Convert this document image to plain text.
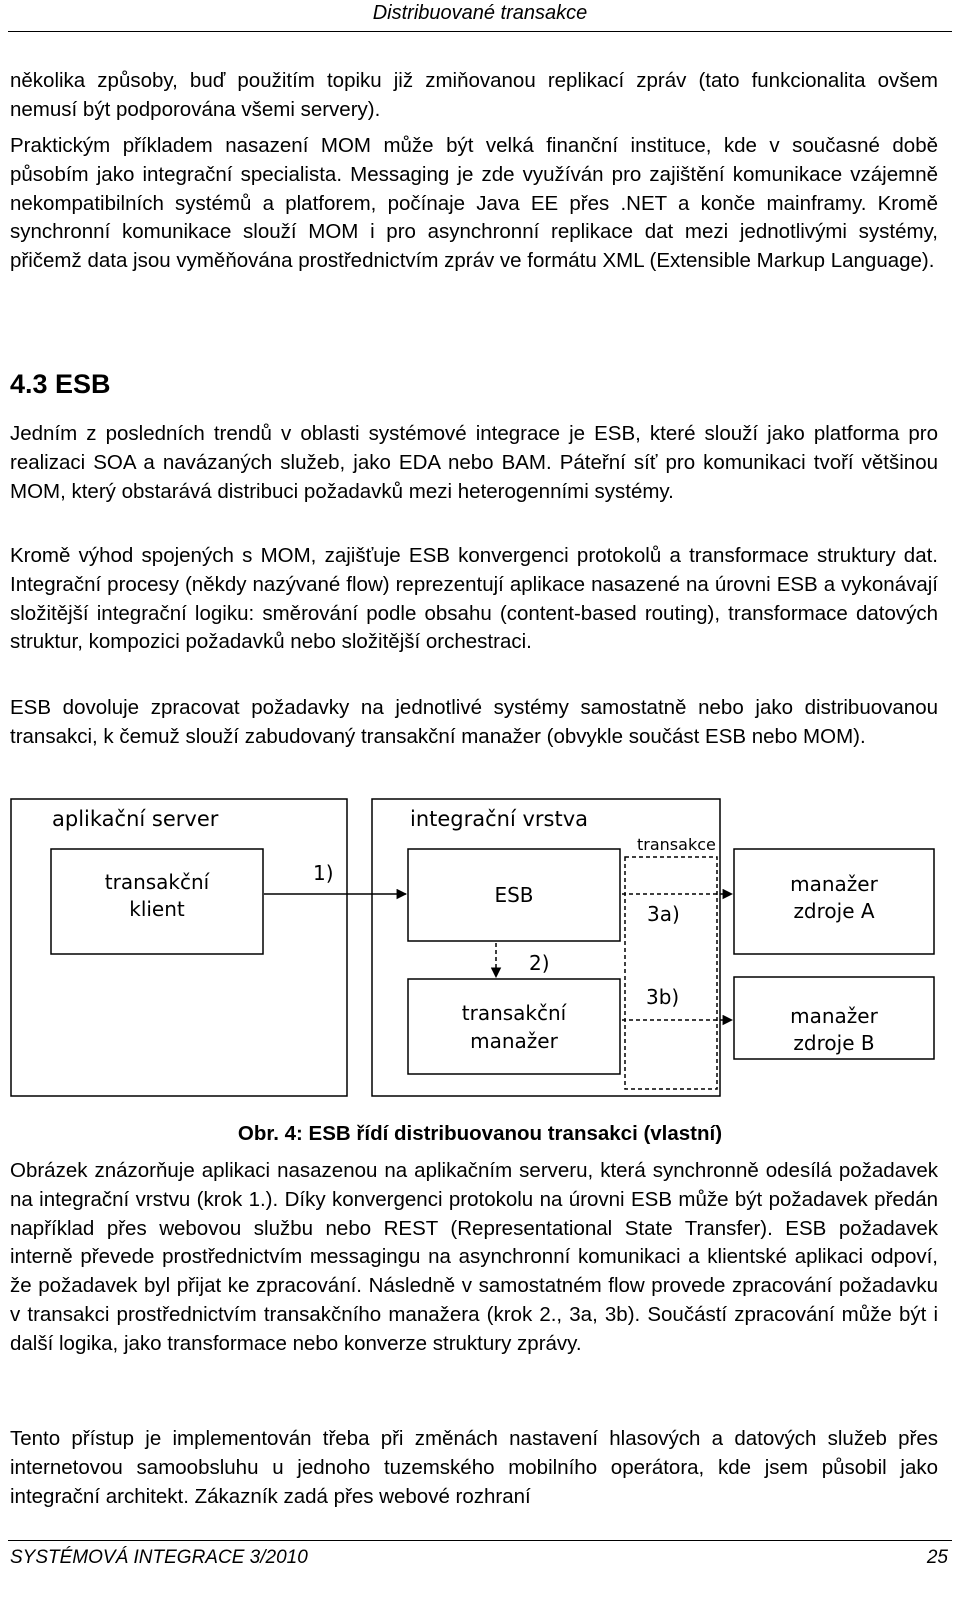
Distribuované transakce

několika způsoby, buď použitím topiku již zmiňovanou replikací zpráv (tato funkcionalita ovšem nemusí být podporována všemi servery).

Praktickým příkladem nasazení MOM může být velká finanční instituce, kde v současné době působím jako integrační specialista. Messaging je zde využíván pro zajištění komunikace vzájemně nekompatibilních systémů a platforem, počínaje Java EE přes .NET a konče mainframy. Kromě synchronní komunikace slouží MOM i pro asynchronní replikace dat mezi jednotlivými systémy, přičemž data jsou vyměňována prostřednictvím zpráv ve formátu XML (Extensible Markup Language).

4.3 ESB

Jedním z posledních trendů v oblasti systémové integrace je ESB, které slouží jako platforma pro realizaci SOA a navázaných služeb, jako EDA nebo BAM. Páteřní síť pro komunikaci tvoří většinou MOM, který obstarává distribuci požadavků mezi heterogenními systémy.

Kromě výhod spojených s MOM, zajišťuje ESB konvergenci protokolů a transformace struktury dat. Integrační procesy (někdy nazývané flow) reprezentují aplikace nasazené na úrovni ESB a vykonávají složitější integrační logiku: směrování podle obsahu (content-based routing), transformace datových struktur, kompozici požadavků nebo složitější orchestraci.

ESB dovoluje zpracovat požadavky na jednotlivé systémy samostatně nebo jako distribuovanou transakci, k čemuž slouží zabudovaný transakční manažer (obvykle součást ESB nebo MOM).

aplikační server
transakční
klient
integrační vrstva
ESB
transakční
manažer
manažer
zdroje A
manažer
zdroje B
transakce
1)
2)
3a)
3b)
Obr. 4: ESB řídí distribuovanou transakci (vlastní)

Obrázek znázorňuje aplikaci nasazenou na aplikačním serveru, která synchronně odesílá požadavek na integrační vrstvu (krok 1.). Díky konvergenci protokolu na úrovni ESB může být požadavek předán například přes webovou službu nebo REST (Representational State Transfer). ESB požadavek interně převede prostřednictvím messagingu na asynchronní komunikaci a klientské aplikaci odpoví, že požadavek byl přijat ke zpracování. Následně v samostatném flow provede zpracování požadavku v transakci prostřednictvím transakčního manažera (krok 2., 3a, 3b). Součástí zpracování může být i další logika, jako transformace nebo konverze struktury zprávy.

Tento přístup je implementován třeba při změnách nastavení hlasových a datových služeb přes internetovou samoobsluhu u jednoho tuzemského mobilního operátora, kde jsem působil jako integrační architekt. Zákazník zadá přes webové rozhraní

SYSTÉMOVÁ INTEGRACE 3/2010	25
